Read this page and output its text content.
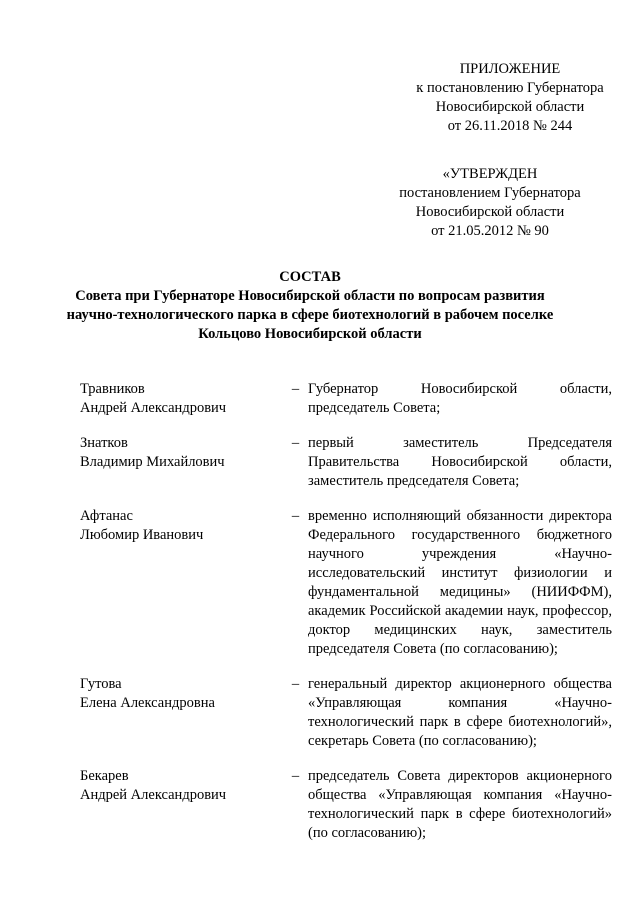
ПРИЛОЖЕНИЕ
к постановлению Губернатора
Новосибирской области
от 26.11.2018 № 244
«УТВЕРЖДЕН
постановлением Губернатора
Новосибирской области
от 21.05.2012 № 90
СОСТАВ
Совета при Губернаторе Новосибирской области по вопросам развития научно-технологического парка в сфере биотехнологий в рабочем поселке Кольцово Новосибирской области
Травников
Андрей Александрович
– Губернатор Новосибирской области, председатель Совета;
Знатков
Владимир Михайлович
– первый заместитель Председателя Правительства Новосибирской области, заместитель председателя Совета;
Афтанас
Любомир Иванович
– временно исполняющий обязанности директора Федерального государственного бюджетного научного учреждения «Научно-исследовательский институт физиологии и фундаментальной медицины» (НИИФФМ), академик Российской академии наук, профессор, доктор медицинских наук, заместитель председателя Совета (по согласованию);
Гутова
Елена Александровна
– генеральный директор акционерного общества «Управляющая компания «Научно-технологический парк в сфере биотехнологий», секретарь Совета (по согласованию);
Бекарев
Андрей Александрович
– председатель Совета директоров акционерного общества «Управляющая компания «Научно-технологический парк в сфере биотехнологий» (по согласованию);
